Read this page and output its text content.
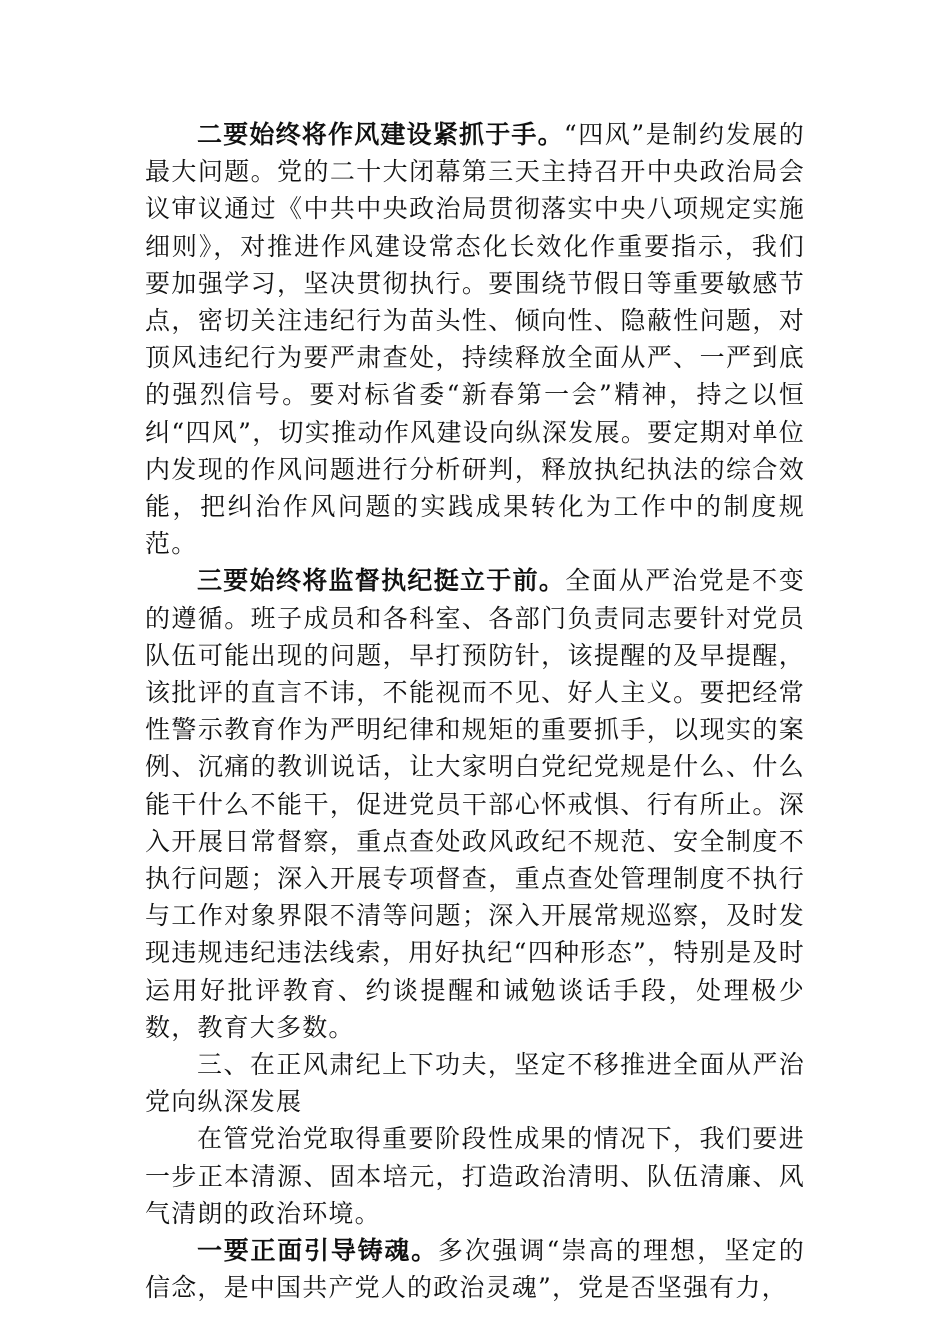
二要始终将作风建设紧抓于手。“四风”是制约发展的最大问题。党的二十大闭幕第三天主持召开中央政治局会议审议通过《中共中央政治局贯彻落实中央八项规定实施细则》，对推进作风建设常态化长效化作重要指示，我们要加强学习，坚决贯彻执行。要围绕节假日等重要敏感节点，密切关注违纪行为苗头性、倾向性、隐蔽性问题，对顶风违纪行为要严肃查处，持续释放全面从严、一严到底的强烈信号。要对标省委“新春第一会”精神，持之以恒纠“四风”，切实推动作风建设向纵深发展。要定期对单位内发现的作风问题进行分析研判，释放执纪执法的综合效能，把纠治作风问题的实践成果转化为工作中的制度规范。

三要始终将监督执纪挺立于前。全面从严治党是不变的遵循。班子成员和各科室、各部门负责同志要针对党员队伍可能出现的问题，早打预防针，该提醒的及早提醒，该批评的直言不讳，不能视而不见、好人主义。要把经常性警示教育作为严明纪律和规矩的重要抓手，以现实的案例、沉痛的教训说话，让大家明白党纪党规是什么、什么能干什么不能干，促进党员干部心怀戒惧、行有所止。深入开展日常督察，重点查处政风政纪不规范、安全制度不执行问题；深入开展专项督查，重点查处管理制度不执行与工作对象界限不清等问题；深入开展常规巡察，及时发现违规违纪违法线索，用好执纪“四种形态”，特别是及时运用好批评教育、约谈提醒和诫勉谈话手段，处理极少数，教育大多数。

三、在正风肃纪上下功夫，坚定不移推进全面从严治党向纵深发展

在管党治党取得重要阶段性成果的情况下，我们要进一步正本清源、固本培元，打造政治清明、队伍清廉、风气清朗的政治环境。

一要正面引导铸魂。多次强调“崇高的理想，坚定的信念，是中国共产党人的政治灵魂”，党是否坚强有力，
